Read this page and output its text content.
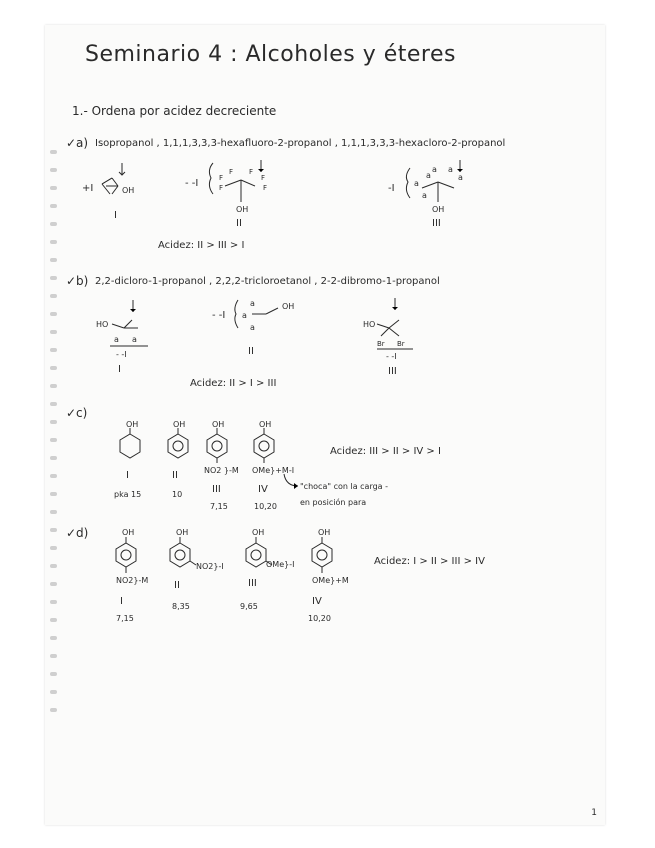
Seminario 4 : Alcoholes y éteres
1.- Ordena por acidez decreciente
✓a) Isopropanol , 1,1,1,3,3,3-hexafluoro-2-propanol , 1,1,1,3,3,3-hexacloro-2-propanol
+I	OH
I
- -I	F
F
F
F
F
F
OH
II
-I a
a
a a
a
a
OH
III
Acidez: II > III > I
✓b) 2,2-dicloro-1-propanol , 2,2,2-tricloroetanol , 2-2-dibromo-1-propanol
HO
a a
- -I
I
- -I
a
a
a
OH
II
HO
Br Br
- -I
III
Acidez: II > I > III
✓c)
OH
I
pka 15
OH
II
10
OH
NO2 }-M
III
7,15
OH
OMe}+M-I
IV
10,20
"choca" con la carga -
en posición para
Acidez: III > II > IV > I
✓d)	OH
NO2}-M
I
7,15
OH
NO2}-I
II
8,35
OH
OMe}-I
III
9,65
OH
OMe}+M
IV
10,20
Acidez: I > II > III > IV
1
